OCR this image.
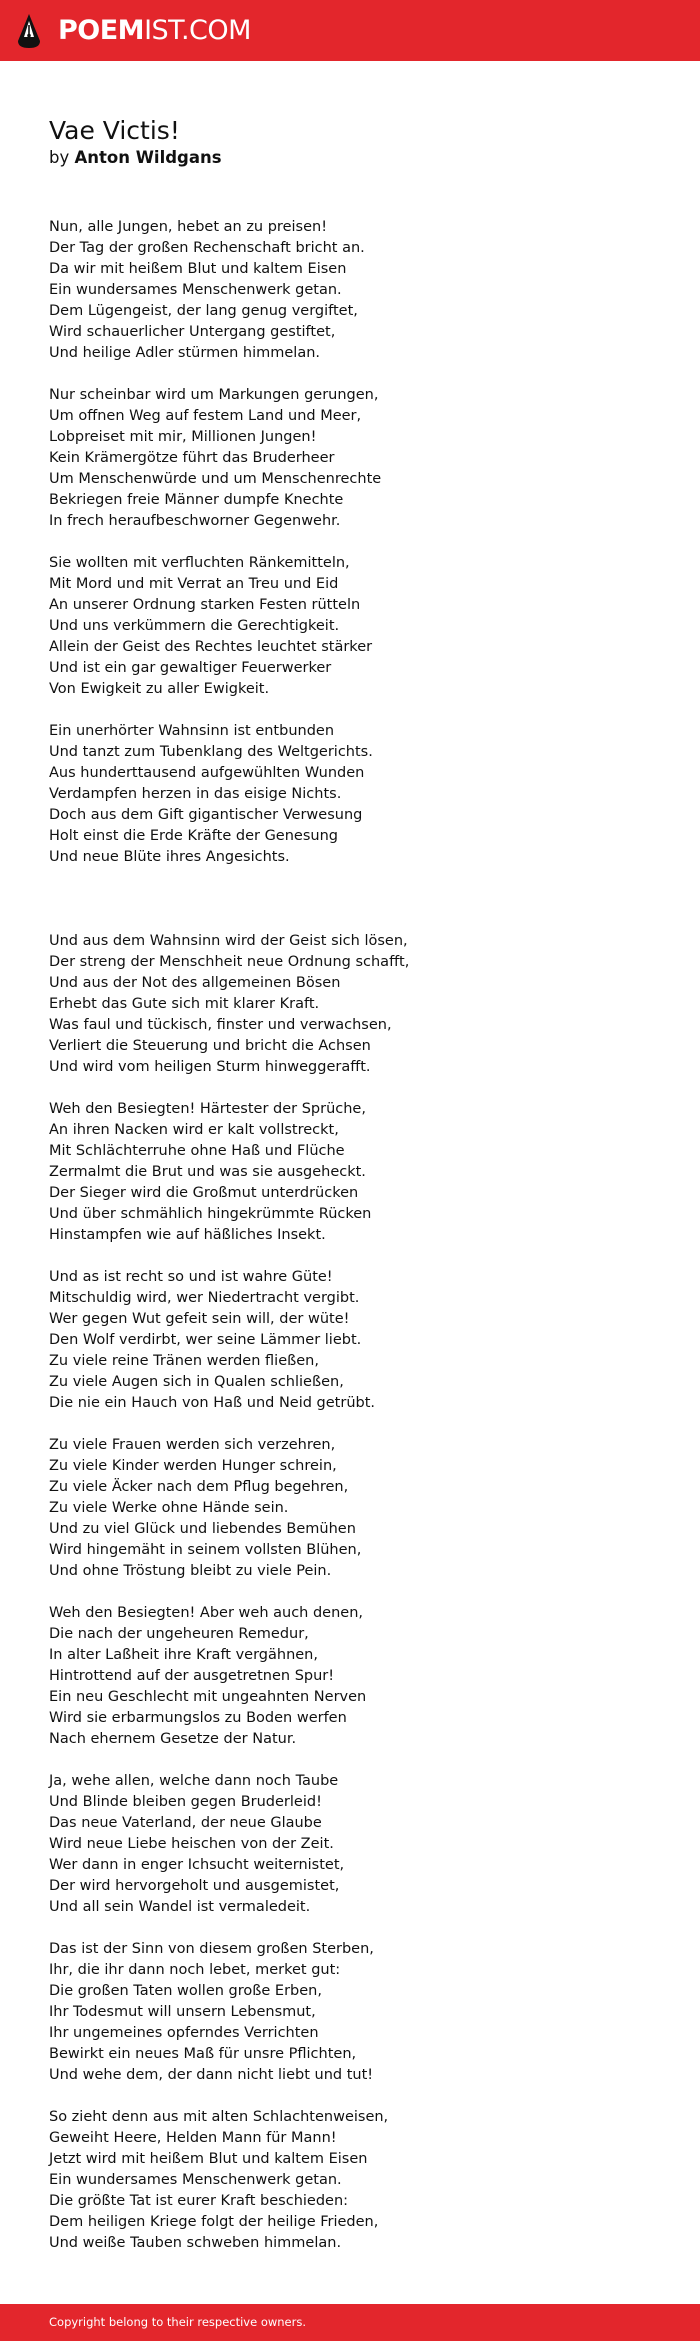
POEMIST.COM
Vae Victis!
by Anton Wildgans
Nun, alle Jungen, hebet an zu preisen!
Der Tag der großen Rechenschaft bricht an.
Da wir mit heißem Blut und kaltem Eisen
Ein wundersames Menschenwerk getan.
Dem Lügengeist, der lang genug vergiftet,
Wird schauerlicher Untergang gestiftet,
Und heilige Adler stürmen himmelan.
Nur scheinbar wird um Markungen gerungen,
Um offnen Weg auf festem Land und Meer,
Lobpreiset mit mir, Millionen Jungen!
Kein Krämergötze führt das Bruderheer
Um Menschenwürde und um Menschenrechte
Bekriegen freie Männer dumpfe Knechte
In frech heraufbeschworner Gegenwehr.
Sie wollten mit verfluchten Ränkemitteln,
Mit Mord und mit Verrat an Treu und Eid
An unserer Ordnung starken Festen rütteln
Und uns verkümmern die Gerechtigkeit.
Allein der Geist des Rechtes leuchtet stärker
Und ist ein gar gewaltiger Feuerwerker
Von Ewigkeit zu aller Ewigkeit.
Ein unerhörter Wahnsinn ist entbunden
Und tanzt zum Tubenklang des Weltgerichts.
Aus hunderttausend aufgewühlten Wunden
Verdampfen herzen in das eisige Nichts.
Doch aus dem Gift gigantischer Verwesung
Holt einst die Erde Kräfte der Genesung
Und neue Blüte ihres Angesichts.
Und aus dem Wahnsinn wird der Geist sich lösen,
Der streng der Menschheit neue Ordnung schafft,
Und aus der Not des allgemeinen Bösen
Erhebt das Gute sich mit klarer Kraft.
Was faul und tückisch, finster und verwachsen,
Verliert die Steuerung und bricht die Achsen
Und wird vom heiligen Sturm hinweggerafft.
Weh den Besiegten! Härtester der Sprüche,
An ihren Nacken wird er kalt vollstreckt,
Mit Schlächterruhe ohne Haß und Flüche
Zermalmt die Brut und was sie ausgeheckt.
Der Sieger wird die Großmut unterdrücken
Und über schmählich hingekrümmte Rücken
Hinstampfen wie auf häßliches Insekt.
Und as ist recht so und ist wahre Güte!
Mitschuldig wird, wer Niedertracht vergibt.
Wer gegen Wut gefeit sein will, der wüte!
Den Wolf verdirbt, wer seine Lämmer liebt.
Zu viele reine Tränen werden fließen,
Zu viele Augen sich in Qualen schließen,
Die nie ein Hauch von Haß und Neid getrübt.
Zu viele Frauen werden sich verzehren,
Zu viele Kinder werden Hunger schrein,
Zu viele Äcker nach dem Pflug begehren,
Zu viele Werke ohne Hände sein.
Und zu viel Glück und liebendes Bemühen
Wird hingemäht in seinem vollsten Blühen,
Und ohne Tröstung bleibt zu viele Pein.
Weh den Besiegten! Aber weh auch denen,
Die nach der ungeheuren Remedur,
In alter Laßheit ihre Kraft vergähnen,
Hintrottend auf der ausgetretnen Spur!
Ein neu Geschlecht mit ungeahnten Nerven
Wird sie erbarmungslos zu Boden werfen
Nach ehernem Gesetze der Natur.
Ja, wehe allen, welche dann noch Taube
Und Blinde bleiben gegen Bruderleid!
Das neue Vaterland, der neue Glaube
Wird neue Liebe heischen von der Zeit.
Wer dann in enger Ichsucht weiternistet,
Der wird hervorgeholt und ausgemistet,
Und all sein Wandel ist vermaledeit.
Das ist der Sinn von diesem großen Sterben,
Ihr, die ihr dann noch lebet, merket gut:
Die großen Taten wollen große Erben,
Ihr Todesmut will unsern Lebensmut,
Ihr ungemeines opferndes Verrichten
Bewirkt ein neues Maß für unsre Pflichten,
Und wehe dem, der dann nicht liebt und tut!
So zieht denn aus mit alten Schlachtenweisen,
Geweiht Heere, Helden Mann für Mann!
Jetzt wird mit heißem Blut und kaltem Eisen
Ein wundersames Menschenwerk getan.
Die größte Tat ist eurer Kraft beschieden:
Dem heiligen Kriege folgt der heilige Frieden,
Und weiße Tauben schweben himmelan.
Copyright belong to their respective owners.
